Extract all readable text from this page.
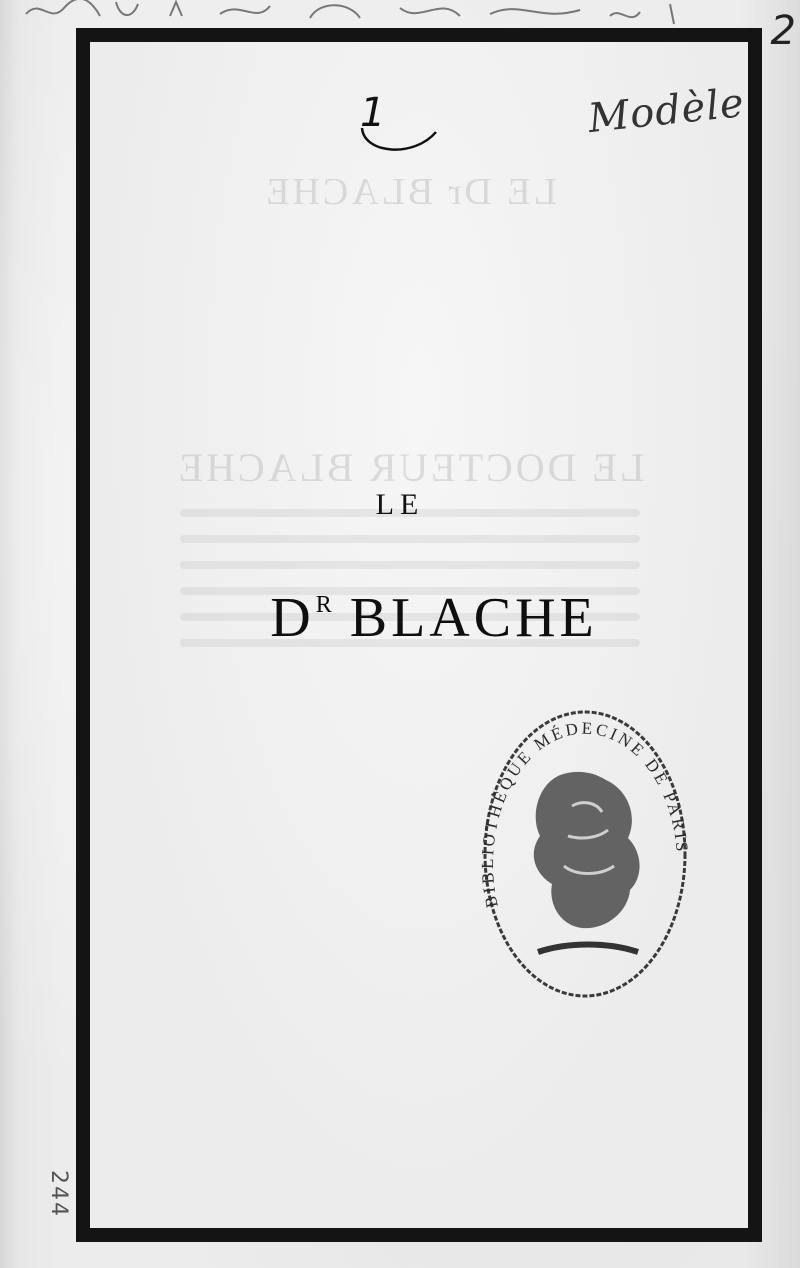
2
1	Modèle
LE
$D^R$ BLACHE
BIBLIOTHÈQUE MÉDECINE DE PARIS
244
